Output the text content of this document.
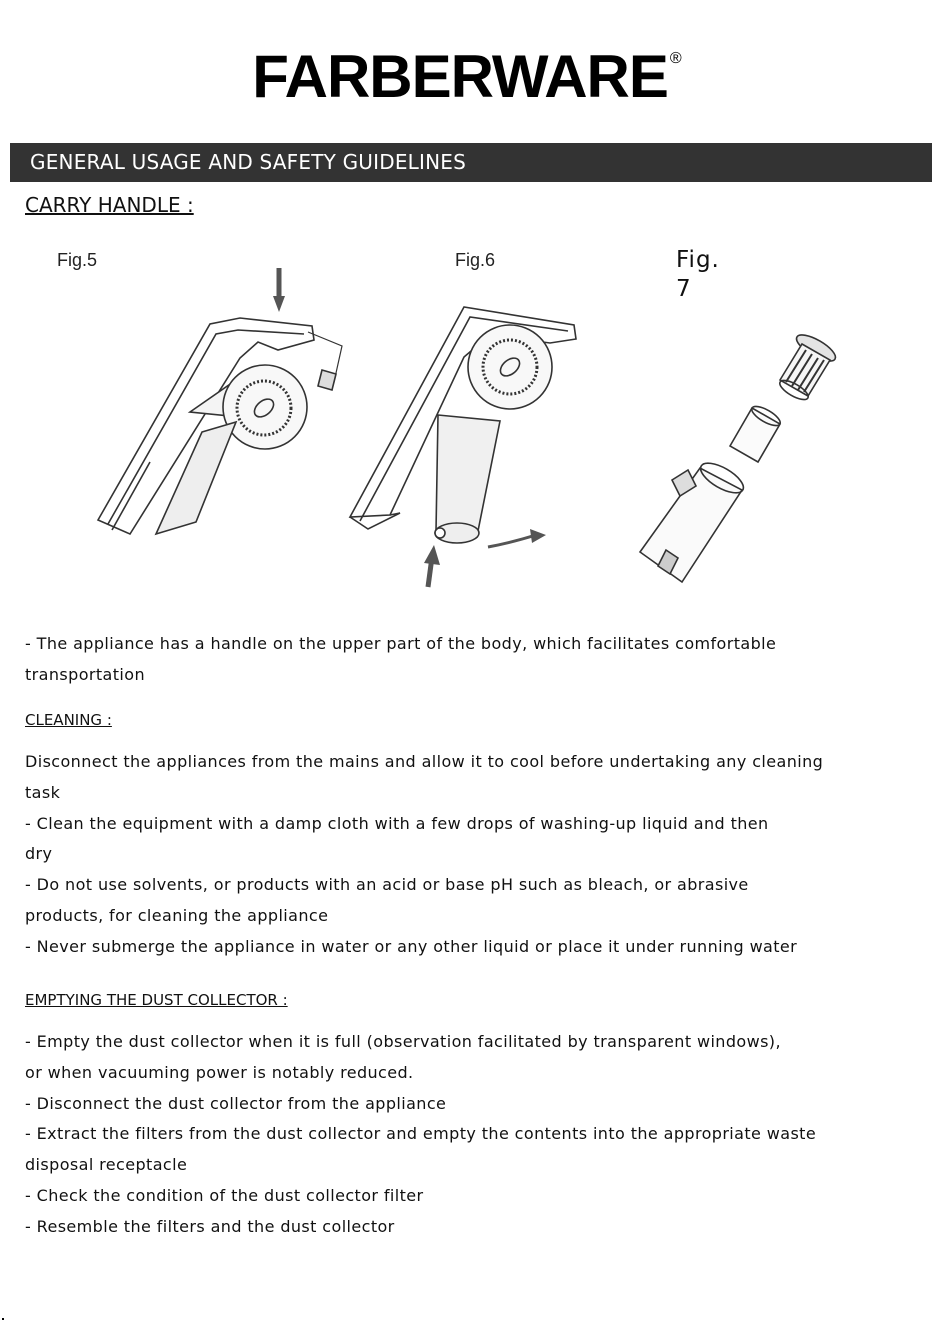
FARBERWARE ®
GENERAL USAGE AND SAFETY GUIDELINES
CARRY HANDLE :
Fig.5	Fig.6	Fig.
7
- The appliance has a handle on the upper part of the body, which facilitates comfortable
transportation
CLEANING :
Disconnect the appliances from the mains and allow it to cool before undertaking any cleaning
task
- Clean the equipment with a damp cloth with a few drops of washing-up liquid and then
dry
- Do not use solvents, or products with an acid or base pH such as bleach, or abrasive
products, for cleaning the appliance
- Never submerge the appliance in water or any other liquid or place it under running water
EMPTYING THE DUST COLLECTOR :
- Empty the dust collector when it is full (observation facilitated by transparent windows),
or when vacuuming power is notably reduced.
- Disconnect the dust collector from the appliance
- Extract the filters from the dust collector and empty the contents into the appropriate waste
disposal receptacle
- Check the condition of the dust collector filter
- Resemble the filters and the dust collector
